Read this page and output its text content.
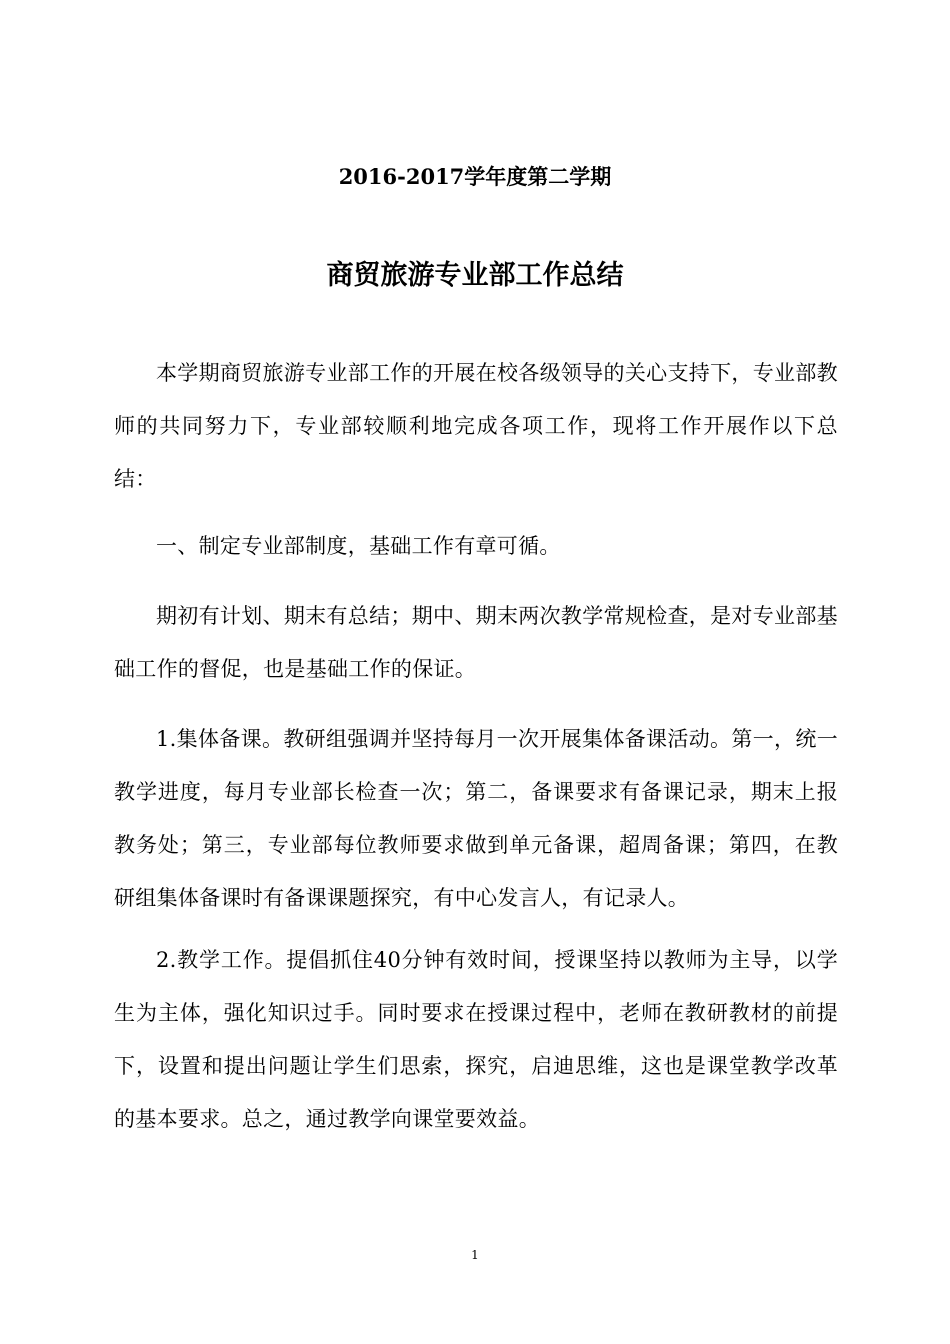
2016-2017学年度第二学期
商贸旅游专业部工作总结

本学期商贸旅游专业部工作的开展在校各级领导的关心支持下，专业部教师的共同努力下，专业部较顺利地完成各项工作，现将工作开展作以下总结：

一、制定专业部制度，基础工作有章可循。

期初有计划、期末有总结；期中、期末两次教学常规检查，是对专业部基础工作的督促，也是基础工作的保证。

1.集体备课。教研组强调并坚持每月一次开展集体备课活动。第一，统一教学进度，每月专业部长检查一次；第二，备课要求有备课记录，期末上报教务处；第三，专业部每位教师要求做到单元备课，超周备课；第四，在教研组集体备课时有备课课题探究，有中心发言人，有记录人。

2.教学工作。提倡抓住40分钟有效时间，授课坚持以教师为主导，以学生为主体，强化知识过手。同时要求在授课过程中，老师在教研教材的前提下，设置和提出问题让学生们思索，探究，启迪思维，这也是课堂教学改革的基本要求。总之，通过教学向课堂要效益。

1
